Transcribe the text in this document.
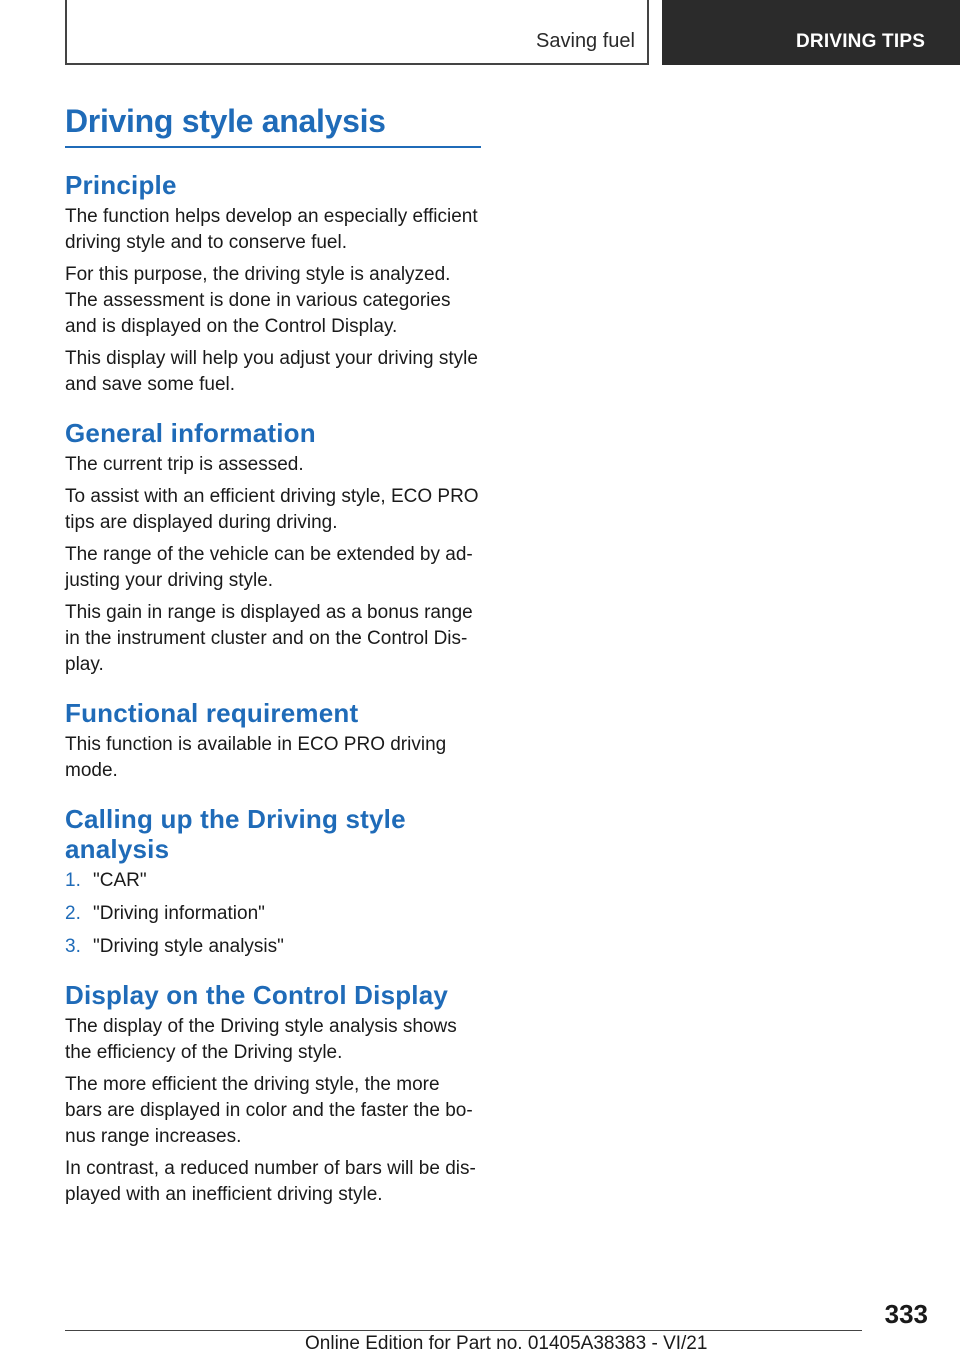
Saving fuel	DRIVING TIPS
Driving style analysis
Principle

The function helps develop an especially efficient driving style and to conserve fuel.

For this purpose, the driving style is analyzed. The assessment is done in various categories and is displayed on the Control Display.

This display will help you adjust your driving style and save some fuel.

General information

The current trip is assessed.

To assist with an efficient driving style, ECO PRO tips are displayed during driving.

The range of the vehicle can be extended by adjusting your driving style.

This gain in range is displayed as a bonus range in the instrument cluster and on the Control Display.

Functional requirement

This function is available in ECO PRO driving mode.

Calling up the Driving style analysis
1. "CAR"
2. "Driving information"
3. "Driving style analysis"
Display on the Control Display

The display of the Driving style analysis shows the efficiency of the Driving style.

The more efficient the driving style, the more bars are displayed in color and the faster the bonus range increases.

In contrast, a reduced number of bars will be displayed with an inefficient driving style.

333
Online Edition for Part no. 01405A38383 - VI/21
